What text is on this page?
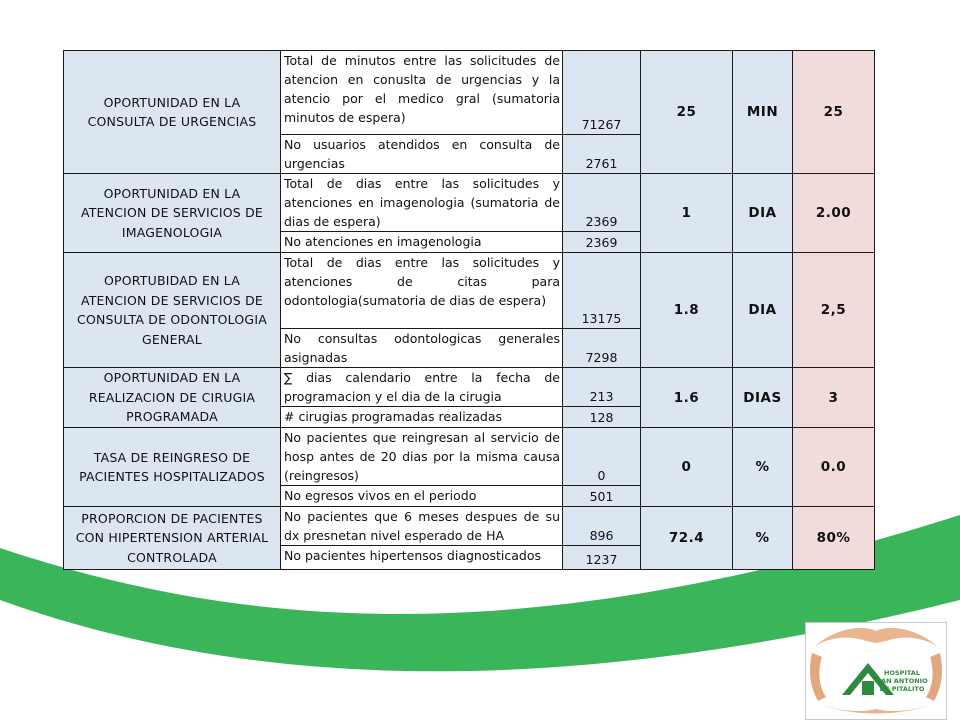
OPORTUNIDAD EN LA CONSULTA DE URGENCIAS	Total de minutos entre las solicitudes de atencion en conuslta de urgencias y la atencio por el medico gral (sumatoria minutos de espera)	71267	25	MIN	25
	No usuarios atendidos en consulta de urgencias	2761			
OPORTUNIDAD EN LA ATENCION DE SERVICIOS DE IMAGENOLOGIA	Total de dias entre las solicitudes y atenciones en imagenologia (sumatoria de dias de espera)	2369	1	DIA	2.00
	No atenciones en imagenologia	2369			
OPORTUBIDAD EN LA ATENCION DE SERVICIOS DE CONSULTA DE ODONTOLOGIA GENERAL	Total de dias entre las solicitudes y atenciones de citas para odontologia(sumatoria de dias de espera)	13175	1.8	DIA	2,5
	No consultas odontologicas generales asignadas	7298			
OPORTUNIDAD EN LA REALIZACION DE CIRUGIA PROGRAMADA	∑ dias calendario entre la fecha de programacion y el dia de la cirugia	213	1.6	DIAS	3
	# cirugias programadas realizadas	128			
TASA DE REINGRESO DE PACIENTES HOSPITALIZADOS	No pacientes que reingresan al servicio de hosp antes de 20 dias por la misma causa (reingresos)	0	0	%	0.0
	No egresos vivos en el periodo	501			
PROPORCION DE PACIENTES CON HIPERTENSION ARTERIAL CONTROLADA	No pacientes que 6 meses despues de su dx presnetan nivel esperado de HA	896	72.4	%	80%
	No pacientes hipertensos diagnosticados	1237			
HOSPITAL
SAN ANTONIO
DE PITALITO
